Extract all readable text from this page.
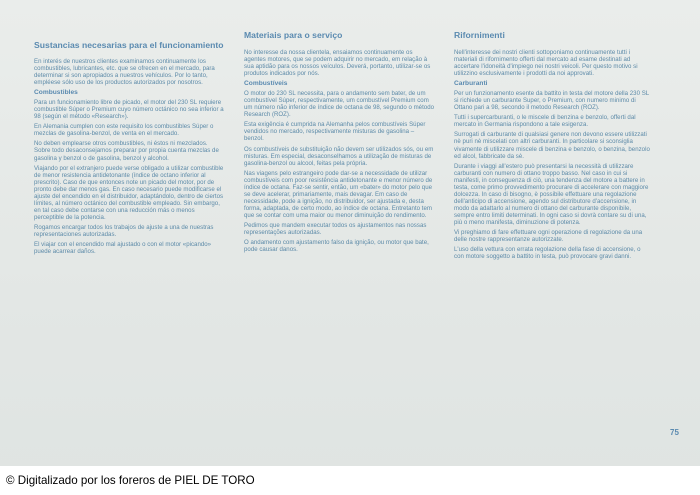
Sustancias necesarias para el funcionamiento

En interés de nuestros clientes examinamos continuamente los combustibles, lubricantes, etc. que se ofrecen en el mercado, para determinar si son apropiados a nuestros vehículos. Por lo tanto, empléese sólo uso de los productos autorizados por nosotros.

Combustibles

Para un funcionamiento libre de picado, el motor del 230 SL requiere combustible Súper o Premium cuyo número octánico no sea inferior a 98 (según el método «Research»).

En Alemania cumplen con este requisito los combustibles Súper o mezclas de gasolina-benzol, de venta en el mercado.

No deben emplearse otros combustibles, ni éstos ni mezclados. Sobre todo desaconsejamos preparar por propia cuenta mezclas de gasolina y benzol o de gasolina, benzol y alcohol.

Viajando por el extranjero puede verse obligado a utilizar combustible de menor resistencia antidetonante (índice de octano inferior al prescrito). Caso de que entonces note un picado del motor, por de pronto debe dar menos gas. En caso necesario puede modificarse el ajuste del encendido en el distribuidor, adaptándolo, dentro de ciertos límites, al número octánico del combustible empleado. Sin embargo, en tal caso debe contarse con una reducción más o menos perceptible de la potencia.

Rogamos encargar todos los trabajos de ajuste a una de nuestras representaciones autorizadas.

El viajar con el encendido mal ajustado o con el motor «picando» puede acarrear daños.

Materiais para o serviço

No interesse da nossa clientela, ensaiamos continuamente os agentes motores, que se podem adquirir no mercado, em relação à sua aptidão para os nossos veículos. Deverá, portanto, utilizar-se os produtos indicados por nós.

Combustíveis

O motor do 230 SL necessita, para o andamento sem bater, de um combustível Súper, respectivamente, um combustível Premium com um número não inferior de índice de octana de 98, segundo o método Research (ROZ).

Esta exigência é cumprida na Alemanha pelos combustíveis Súper vendidos no mercado, respectivamente misturas de gasolina – benzol.

Os combustíveis de substituição não devem ser utilizados sós, ou em misturas. Em especial, desaconselhamos a utilização de misturas de gasolina-benzol ou alcool, feitas pela própria.

Nas viagens pelo estrangeiro pode dar-se a necessidade de utilizar combustíveis com poor resistência antidetonante e menor número de índice de octana. Faz-se sentir, então, um «bater» do motor pelo que se deve acelerar, primariamente, mais devagar. Em caso de necessidade, pode a ignição, no distribuidor, ser ajustada e, desta forma, adaptada, de certo modo, ao índice de octana. Entretanto tem que se contar com uma maior ou menor diminuição do rendimento.

Pedimos que mandem executar todos os ajustamentos nas nossas representações autorizadas.

O andamento com ajustamento falso da ignição, ou motor que bate, pode causar danos.

Rifornimenti

Nell'interesse dei nostri clienti sottoponiamo continuamente tutti i materiali di rifornimento offerti dal mercato ad esame destinati ad accertare l'idoneità d'impiego nei nostri veicoli. Per questo motivo si utilizzino esclusivamente i prodotti da noi approvati.

Carburanti

Per un funzionamento esente da battito in testa del motore della 230 SL si richiede un carburante Super, o Premium, con numero minimo di Ottano pari a 98, secondo il metodo Research (ROZ).

Tutti i supercarburanti, o le miscele di benzina e benzolo, offerti dal mercato in Germania rispondono a tale esigenza.

Surrogati di carburante di qualsiasi genere non devono essere utilizzati nè puri nè miscelati con altri carburanti. In particolare si sconsiglia vivamente di utilizzare miscele di benzina e benzolo, o benzina, benzolo ed alcol, fabbricate da sè.

Durante i viaggi all'estero può presentarsi la necessità di utilizzare carburanti con numero di ottano troppo basso. Nel caso in cui si manifesti, in conseguenza di ciò, una tendenza del motore a battere in testa, come primo provvedimento procurare di accelerare con maggiore dolcezza. In caso di bisogno, è possibile effettuare una regolazione dell'anticipo di accensione, agendo sul distributore d'accensione, in modo da adattarlo al numero di ottano del carburante disponibile, sempre entro limiti determinati. In ogni caso si dovrà contare su di una, più o meno manifesta, diminuzione di potenza.

Vi preghiamo di fare effettuare ogni operazione di regolazione da una delle nostre rappresentanze autorizzate.

L'uso della vettura con errata regolazione della fase di accensione, o con motore soggetto a battito in testa, può provocare gravi danni.

75
© Digitalizado por los foreros de PIEL DE TORO
